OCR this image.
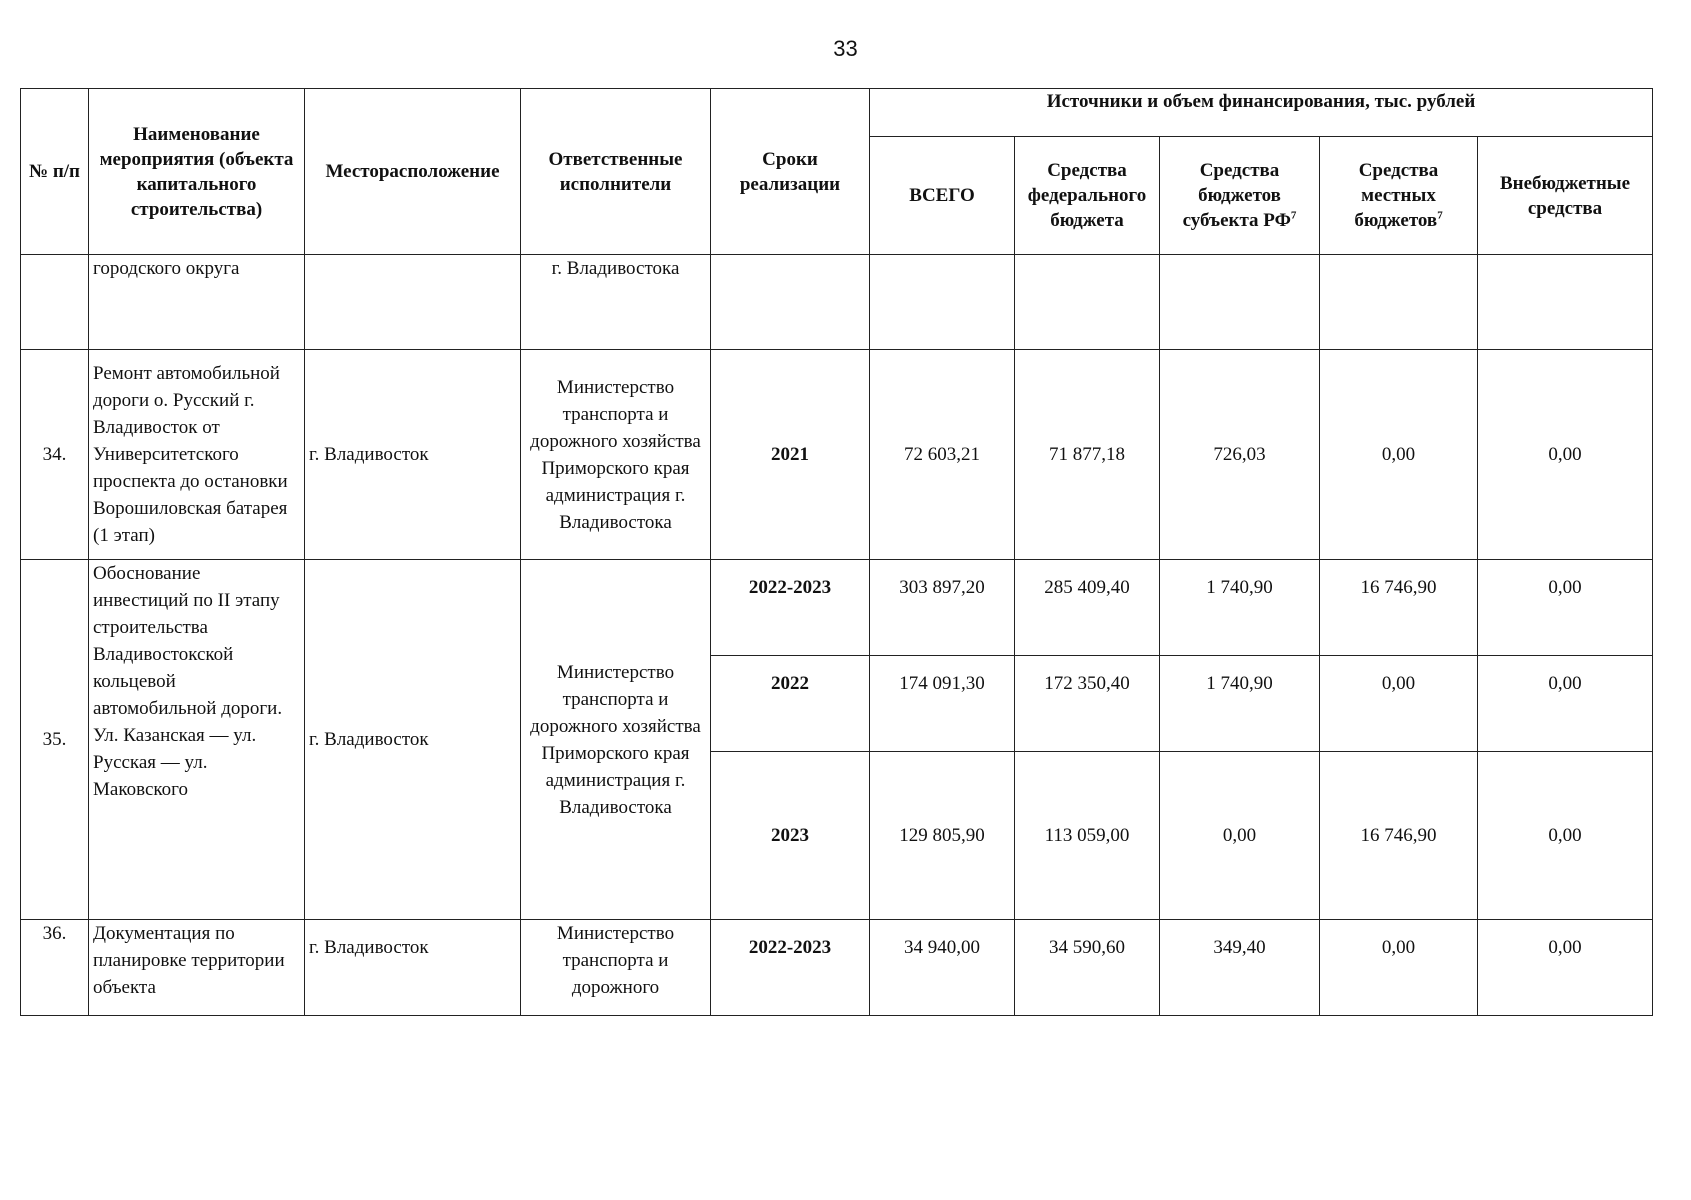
33
№ п/п	Наименование мероприятия (объекта капитального строительства)	Месторасположение	Ответственные исполнители	Сроки реализации	Источники и объем финансирования, тыс. рублей				
					ВСЕГО	Средства федерального бюджета	Средства бюджетов субъекта $РФ^7$	Средства местных бюджетов$^7$	Внебюджетные средства
	городского округа		г. Владивостока						
34.	Ремонт автомобильной дороги о. Русский г. Владивосток от Университетского проспекта до остановки Ворошиловская батарея (1 этап)	г. Владивосток	Министерство транспорта и дорожного хозяйства Приморского края администрация г. Владивостока	2021	72 603,21	71 877,18	726,03	0,00	0,00
35.	Обоснование инвестиций по II этапу строительства Владивостокской кольцевой автомобильной дороги. Ул. Казанская — ул. Русская — ул. Маковского	г. Владивосток	Министерство транспорта и дорожного хозяйства Приморского края администрация г. Владивостока	2022-2023	303 897,20	285 409,40	1 740,90	16 746,90	0,00
				2022	174 091,30	172 350,40	1 740,90	0,00	0,00
				2023	129 805,90	113 059,00	0,00	16 746,90	0,00
36.	Документация по планировке территории объекта	г. Владивосток	Министерство транспорта и дорожного	2022-2023	34 940,00	34 590,60	349,40	0,00	0,00
